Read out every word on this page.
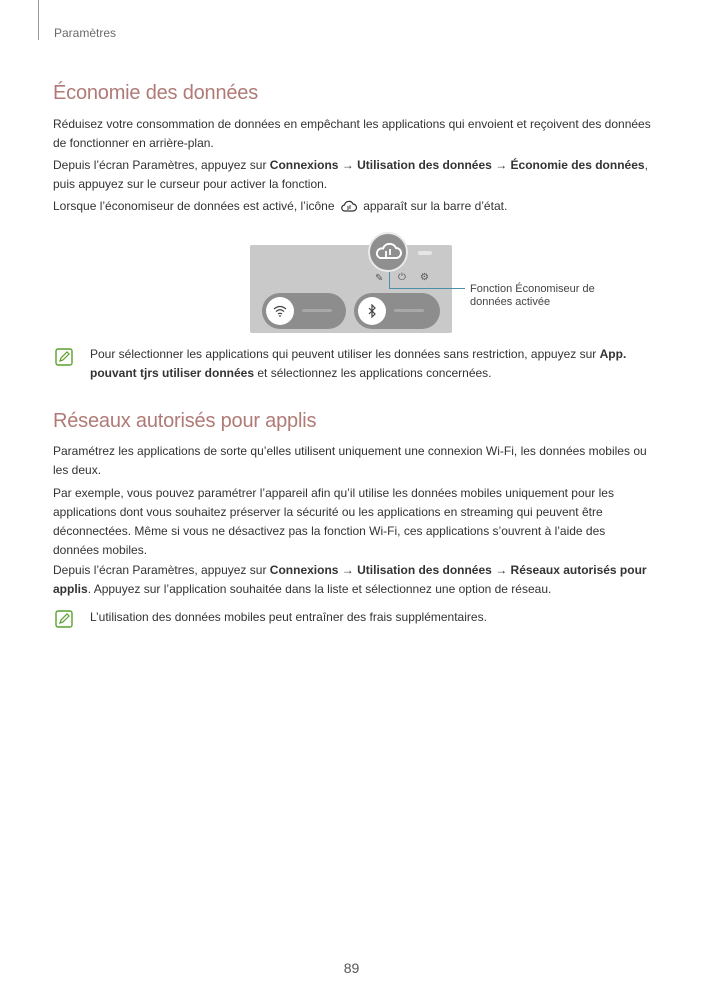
Paramètres
Économie des données
Réduisez votre consommation de données en empêchant les applications qui envoient et reçoivent des données de fonctionner en arrière-plan.
Depuis l’écran Paramètres, appuyez sur Connexions → Utilisation des données → Économie des données, puis appuyez sur le curseur pour activer la fonction.
Lorsque l’économiseur de données est activé, l’icône apparaît sur la barre d’état.
✎ ⏻ ⚙
Fonction Économiseur de données activée
Pour sélectionner les applications qui peuvent utiliser les données sans restriction, appuyez sur App. pouvant tjrs utiliser données et sélectionnez les applications concernées.
Réseaux autorisés pour applis
Paramétrez les applications de sorte qu’elles utilisent uniquement une connexion Wi-Fi, les données mobiles ou les deux.
Par exemple, vous pouvez paramétrer l’appareil afin qu’il utilise les données mobiles uniquement pour les applications dont vous souhaitez préserver la sécurité ou les applications en streaming qui peuvent être déconnectées. Même si vous ne désactivez pas la fonction Wi-Fi, ces applications s’ouvrent à l’aide des données mobiles.
Depuis l’écran Paramètres, appuyez sur Connexions → Utilisation des données → Réseaux autorisés pour applis. Appuyez sur l’application souhaitée dans la liste et sélectionnez une option de réseau.
L’utilisation des données mobiles peut entraîner des frais supplémentaires.
89
